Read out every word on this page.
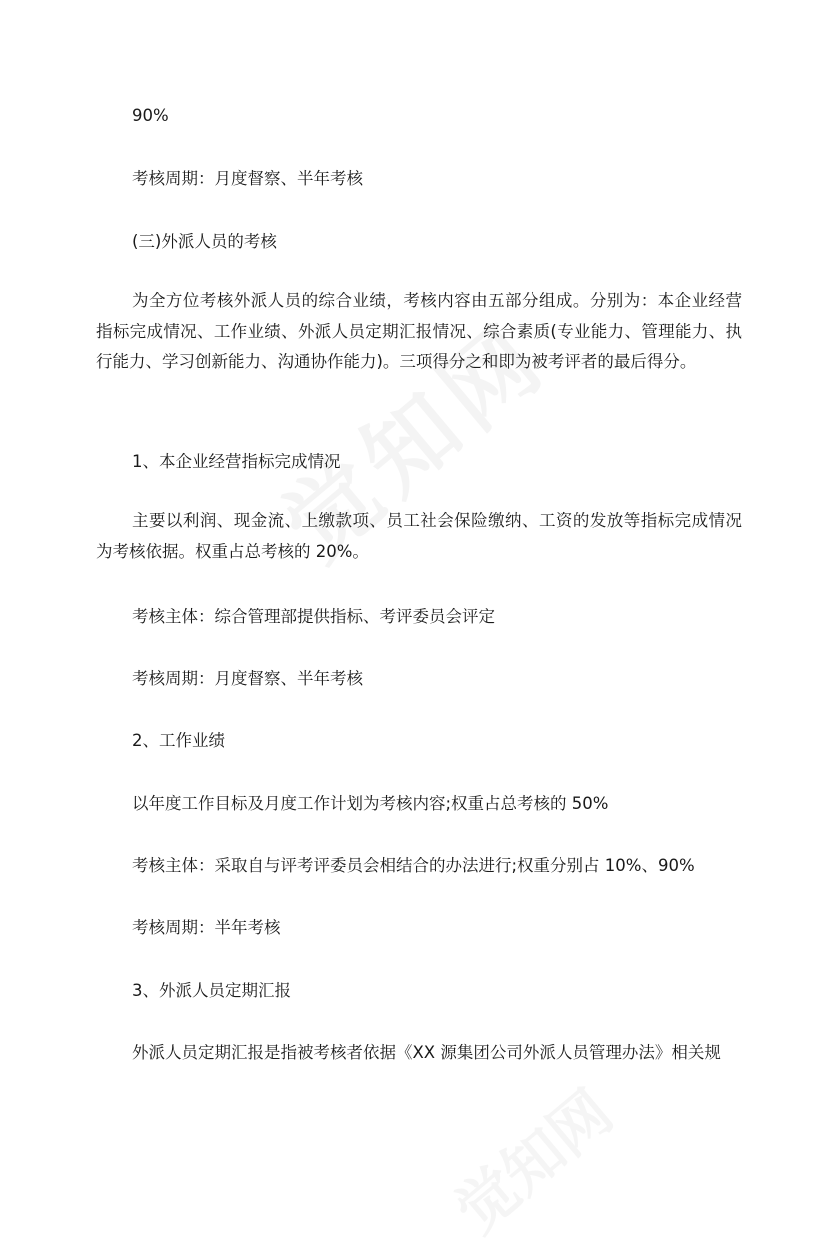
90%
考核周期：月度督察、半年考核
(三)外派人员的考核
为全方位考核外派人员的综合业绩，考核内容由五部分组成。分别为：本企业经营指标完成情况、工作业绩、外派人员定期汇报情况、综合素质(专业能力、管理能力、执行能力、学习创新能力、沟通协作能力)。三项得分之和即为被考评者的最后得分。
1、本企业经营指标完成情况
主要以利润、现金流、上缴款项、员工社会保险缴纳、工资的发放等指标完成情况为考核依据。权重占总考核的 20%。
考核主体：综合管理部提供指标、考评委员会评定
考核周期：月度督察、半年考核
2、工作业绩
以年度工作目标及月度工作计划为考核内容;权重占总考核的 50%
考核主体：采取自与评考评委员会相结合的办法进行;权重分别占 10%、90%
考核周期：半年考核
3、外派人员定期汇报
外派人员定期汇报是指被考核者依据《XX 源集团公司外派人员管理办法》相关规
